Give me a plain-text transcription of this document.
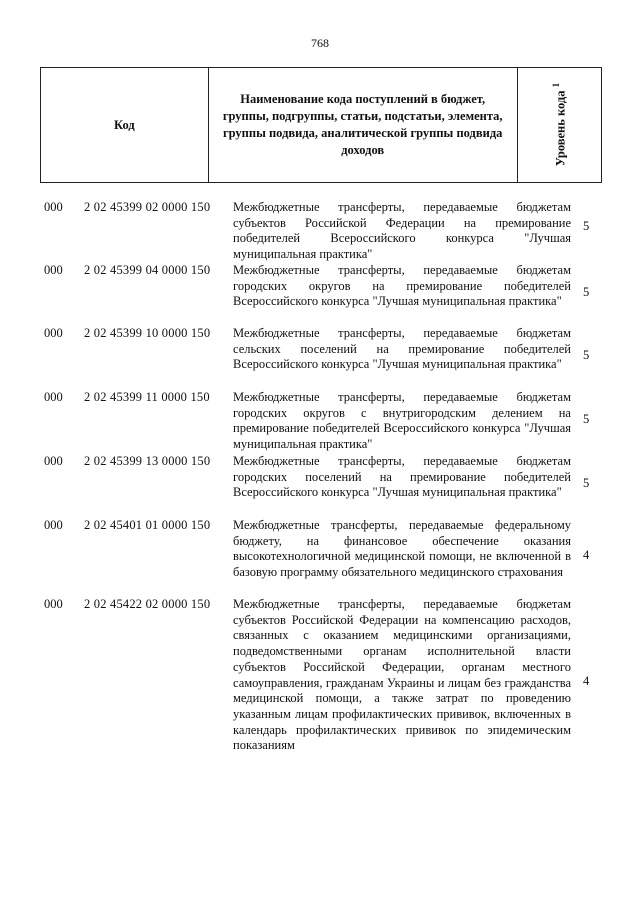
768
Код
Наименование кода поступлений в бюджет, группы, подгруппы, статьи, подстатьи, элемента, группы подвида, аналитической группы подвида доходов	Уровень кода $^1$
000 2 02 45399 02 0000 150 Межбюджетные трансферты, передаваемые бюджетам субъектов Российской Федерации на премирование победителей Всероссийского конкурса "Лучшая муниципальная практика"
5
000 2 02 45399 04 0000 150 Межбюджетные трансферты, передаваемые бюджетам городских округов на премирование победителей Всероссийского конкурса "Лучшая муниципальная практика"
5
000 2 02 45399 10 0000 150 Межбюджетные трансферты, передаваемые бюджетам сельских поселений на премирование победителей Всероссийского конкурса "Лучшая муниципальная практика"
5
000 2 02 45399 11 0000 150 Межбюджетные трансферты, передаваемые бюджетам городских округов с внутригородским делением на премирование победителей Всероссийского конкурса "Лучшая муниципальная практика"
5
000 2 02 45399 13 0000 150 Межбюджетные трансферты, передаваемые бюджетам городских поселений на премирование победителей Всероссийского конкурса "Лучшая муниципальная практика"
5
000 2 02 45401 01 0000 150 Межбюджетные трансферты, передаваемые федеральному бюджету, на финансовое обеспечение оказания высокотехнологичной медицинской помощи, не включенной в базовую программу обязательного медицинского страхования
4
000 2 02 45422 02 0000 150 Межбюджетные трансферты, передаваемые бюджетам субъектов Российской Федерации на компенсацию расходов, связанных с оказанием медицинскими организациями, подведомственными органам исполнительной власти субъектов Российской Федерации, органам местного самоуправления, гражданам Украины и лицам без гражданства медицинской помощи, а также затрат по проведению указанным лицам профилактических прививок, включенных в календарь профилактических прививок по эпидемическим показаниям
4
